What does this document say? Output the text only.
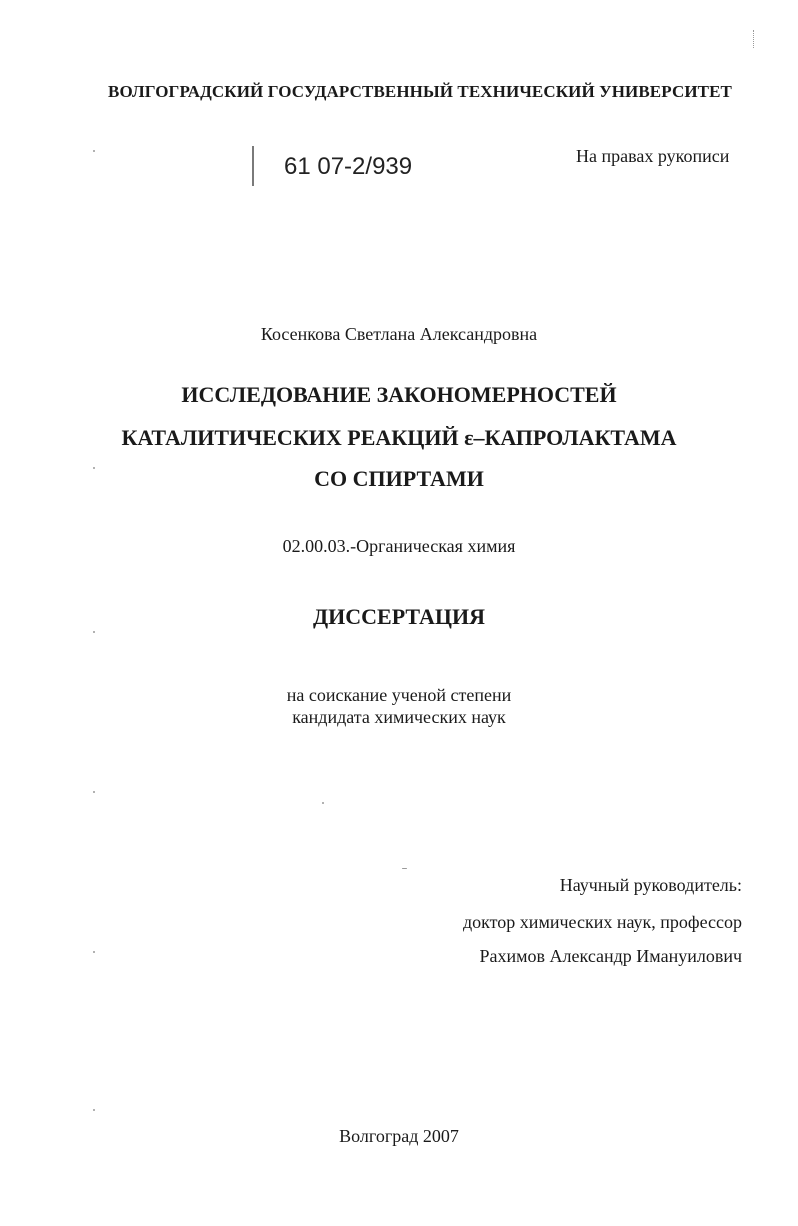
ВОЛГОГРАДСКИЙ ГОСУДАРСТВЕННЫЙ ТЕХНИЧЕСКИЙ УНИВЕРСИТЕТ

61 07-2/939	На правах рукописи

Косенкова Светлана Александровна

ИССЛЕДОВАНИЕ ЗАКОНОМЕРНОСТЕЙ

КАТАЛИТИЧЕСКИХ РЕАКЦИЙ ε–КАПРОЛАКТАМА

СО СПИРТАМИ

02.00.03.-Органическая химия

ДИССЕРТАЦИЯ

на соискание ученой степени

кандидата химических наук

Научный руководитель:

доктор химических наук, профессор

Рахимов Александр Имануилович

Волгоград 2007
